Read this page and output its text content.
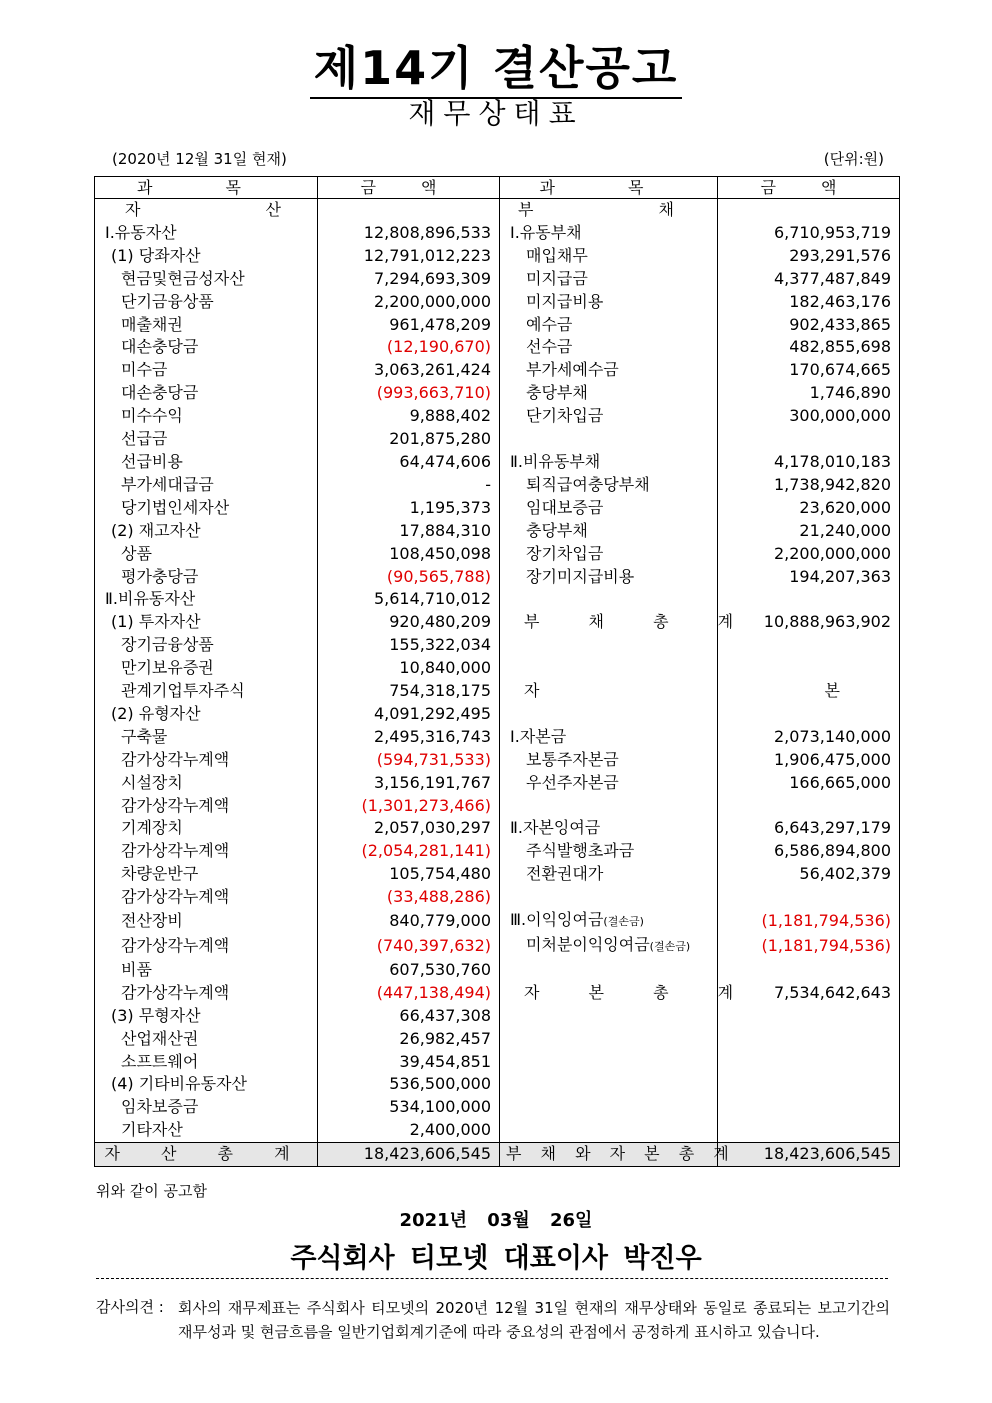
제14기 결산공고
재무상태표
(2020년 12월 31일 현재)	(단위:원)
과 목	금 액	과 목	금 액
자 산		부 채	
Ⅰ.유동자산	12,808,896,533	Ⅰ.유동부채	6,710,953,719
(1) 당좌자산	12,791,012,223	매입채무	293,291,576
현금및현금성자산	7,294,693,309	미지급금	4,377,487,849
단기금융상품	2,200,000,000	미지급비용	182,463,176
매출채권	961,478,209	예수금	902,433,865
대손충당금	(12,190,670)	선수금	482,855,698
미수금	3,063,261,424	부가세예수금	170,674,665
대손충당금	(993,663,710)	충당부채	1,746,890
미수수익	9,888,402	단기차입금	300,000,000
선급금	201,875,280		
선급비용	64,474,606	Ⅱ.비유동부채	4,178,010,183
부가세대급금	-	퇴직급여충당부채	1,738,942,820
당기법인세자산	1,195,373	임대보증금	23,620,000
(2) 재고자산	17,884,310	충당부채	21,240,000
상품	108,450,098	장기차입금	2,200,000,000
평가충당금	(90,565,788)	장기미지급비용	194,207,363
Ⅱ.비유동자산	5,614,710,012		
(1) 투자자산	920,480,209	부 채 총 계	10,888,963,902
장기금융상품	155,322,034		
만기보유증권	10,840,000		
관계기업투자주식	754,318,175	자 본	
(2) 유형자산	4,091,292,495		
구축물	2,495,316,743	Ⅰ.자본금	2,073,140,000
감가상각누계액	(594,731,533)	보통주자본금	1,906,475,000
시설장치	3,156,191,767	우선주자본금	166,665,000
감가상각누계액	(1,301,273,466)		
기계장치	2,057,030,297	Ⅱ.자본잉여금	6,643,297,179
감가상각누계액	(2,054,281,141)	주식발행초과금	6,586,894,800
차량운반구	105,754,480	전환권대가	56,402,379
감가상각누계액	(33,488,286)		
전산장비	840,779,000	Ⅲ.이익잉여금(결손금)	(1,181,794,536)
감가상각누계액	(740,397,632)	미처분이익잉여금(결손금)	(1,181,794,536)
비품	607,530,760		
감가상각누계액	(447,138,494)	자 본 총 계	7,534,642,643
(3) 무형자산	66,437,308		
산업재산권	26,982,457		
소프트웨어	39,454,851		
(4) 기타비유동자산	536,500,000		
임차보증금	534,100,000		
기타자산	2,400,000		
자 산 총 계	18,423,606,545	부 채 와 자 본 총 계	18,423,606,545
위와 같이 공고함
2021년 03월 26일
주식회사 티모넷 대표이사 박진우
감사의견 : 회사의 재무제표는 주식회사 티모넷의 2020년 12월 31일 현재의 재무상태와 동일로 종료되는 보고기간의 재무성과 및 현금흐름을 일반기업회계기준에 따라 중요성의 관점에서 공정하게 표시하고 있습니다.
